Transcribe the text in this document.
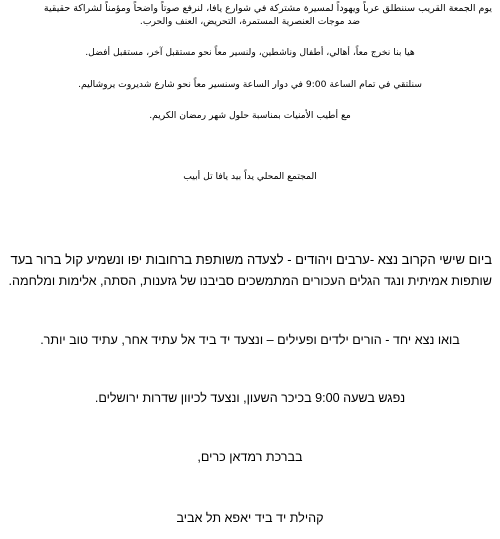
يوم الجمعة القريب سننطلق عرباً ويهوداً لمسيرة مشتركة في شوارع يافا، لنرفع صوتاً واضحاً ومؤمناً لشراكة حقيقية
ضد موجات العنصرية المستمرة، التحريض، العنف والحرب.
هيا بنا نخرج معاً، أهالي، أطفال وناشطين، ولنسير معاً نحو مستقبل آخر، مستقبل أفضل.
سنلتقي في تمام الساعة 9:00 في دوار الساعة وسنسير معاً نحو شارع شديروت يروشاليم.
مع أطيب الأمنيات بمناسبة حلول شهر رمضان الكريم.
المجتمع المحلي يداً بيد يافا تل أبيب
ביום שישי הקרוב נצא -ערבים ויהודים - לצעדה משותפת ברחובות יפו ונשמיע קול ברור בעד
שותפות אמיתית ונגד הגלים העכורים המתמשכים סביבנו של גזענות, הסתה, אלימות ומלחמה.
בואו נצא יחד - הורים ילדים ופעילים – ונצעד יד ביד אל עתיד אחר, עתיד טוב יותר.
נפגש בשעה 9:00 בכיכר השעון, ונצעד לכיוון שדרות ירושלים.
בברכת רמדאן כרים,
קהילת יד ביד יאפא תל אביב
